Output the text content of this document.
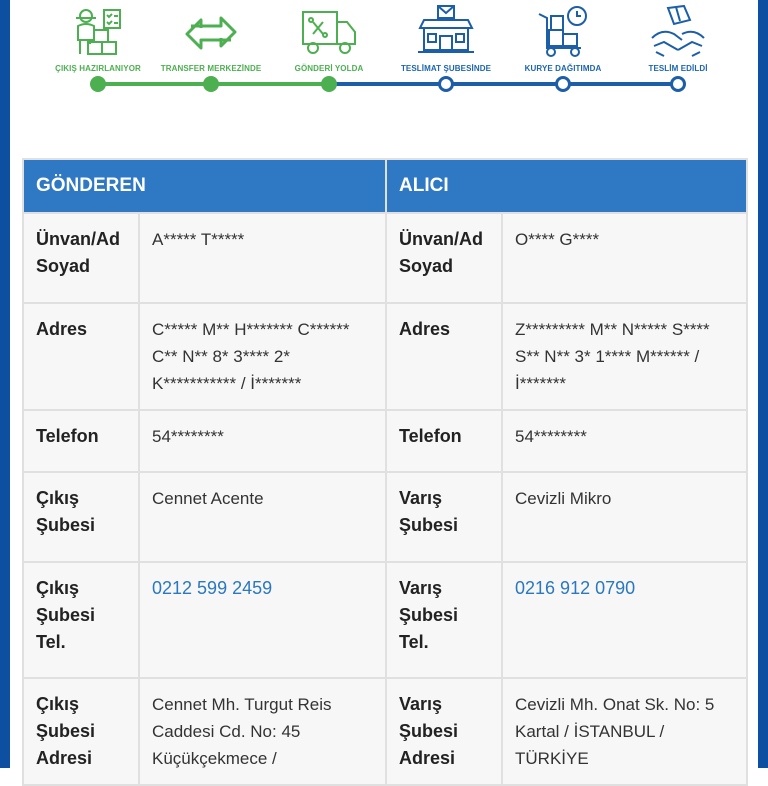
ÇIKIŞ HAZIRLANIYOR	TRANSFER MERKEZİNDE	GÖNDERİ YOLDA	TESLİMAT ŞUBESİNDE	KURYE DAĞITIMDA	TESLİM EDİLDİ
GÖNDEREN		ALICI	
Ünvan/Ad Soyad	A***** T*****	Ünvan/Ad Soyad	O**** G****
Adres	C***** M** H******* C****** C** N** 8* 3**** 2* K*********** / İ*******	Adres	Z********* M** N***** S**** S** N** 3* 1**** M****** / İ*******
Telefon	54********	Telefon	54********
Çıkış Şubesi	Cennet Acente	Varış Şubesi	Cevizli Mikro
Çıkış Şubesi Tel.	0212 599 2459	Varış Şubesi Tel.	0216 912 0790
Çıkış Şubesi Adresi	Cennet Mh. Turgut Reis Caddesi Cd. No: 45 Küçükçekmece /	Varış Şubesi Adresi	Cevizli Mh. Onat Sk. No: 5 Kartal / İSTANBUL / TÜRKİYE
